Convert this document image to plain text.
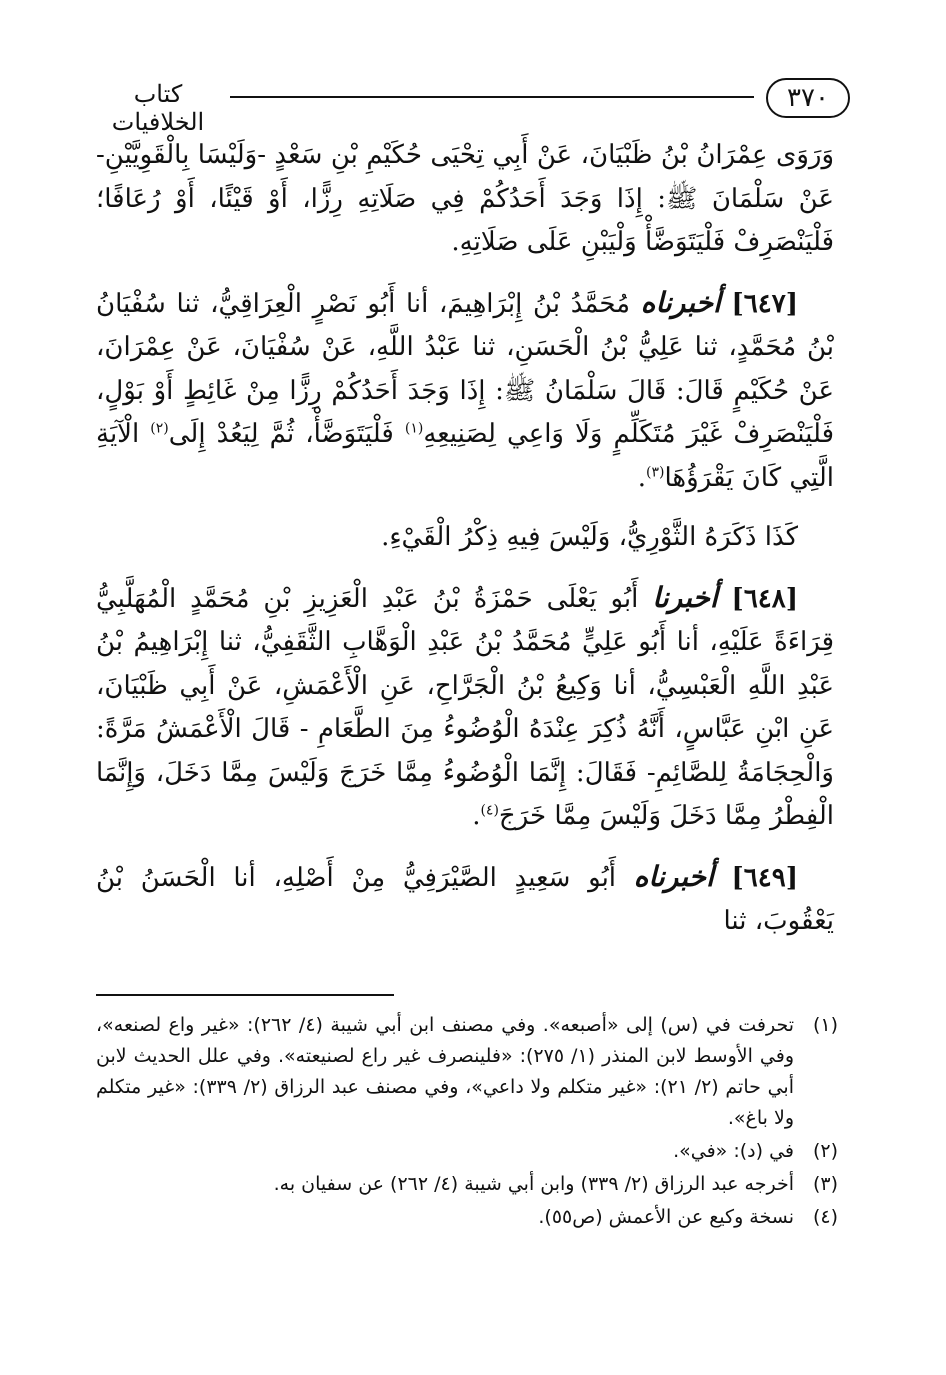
٣٧٠
كتاب الخلافيات

وَرَوَى عِمْرَانُ بْنُ ظَبْيَانَ، عَنْ أَبِي تِحْيَى حُكَيْمِ بْنِ سَعْدٍ -وَلَيْسَا بِالْقَوِيَّيْنِ- عَنْ سَلْمَانَ ﷺ: إِذَا وَجَدَ أَحَدُكُمْ فِي صَلَاتِهِ رِزًّا، أَوْ قَيْئًا، أَوْ رُعَافًا؛ فَلْيَنْصَرِفْ فَلْيَتَوَضَّأْ وَلْيَبْنِ عَلَى صَلَاتِهِ.

[٦٤٧] أخبرناه مُحَمَّدُ بْنُ إِبْرَاهِيمَ، أنا أَبُو نَصْرٍ الْعِرَاقِيُّ، ثنا سُفْيَانُ بْنُ مُحَمَّدٍ، ثنا عَلِيُّ بْنُ الْحَسَنِ، ثنا عَبْدُ اللَّهِ، عَنْ سُفْيَانَ، عَنْ عِمْرَانَ، عَنْ حُكَيْمٍ قَالَ: قَالَ سَلْمَانُ ﷺ: إِذَا وَجَدَ أَحَدُكُمْ رِزًّا مِنْ غَائِطٍ أَوْ بَوْلٍ، فَلْيَنْصَرِفْ غَيْرَ مُتَكَلِّمٍ وَلَا وَاعِي لِصَنِيعِهِ$^{(١)}$ فَلْيَتَوَضَّأْ، ثُمَّ لِيَعُدْ إِلَى$^{(٢)}$ الْآيَةِ الَّتِي كَانَ يَقْرَؤُهَا$^{(٣)}$.

كَذَا ذَكَرَهُ الثَّوْرِيُّ، وَلَيْسَ فِيهِ ذِكْرُ الْقَيْءِ.

[٦٤٨] أخبرنا أَبُو يَعْلَى حَمْزَةُ بْنُ عَبْدِ الْعَزِيزِ بْنِ مُحَمَّدٍ الْمُهَلَّبِيُّ قِرَاءَةً عَلَيْهِ، أنا أَبُو عَلِيٍّ مُحَمَّدُ بْنُ عَبْدِ الْوَهَّابِ الثَّقَفِيُّ، ثنا إِبْرَاهِيمُ بْنُ عَبْدِ اللَّهِ الْعَبْسِيُّ، أنا وَكِيعُ بْنُ الْجَرَّاحِ، عَنِ الْأَعْمَشِ، عَنْ أَبِي ظَبْيَانَ، عَنِ ابْنِ عَبَّاسٍ، أَنَّهُ ذُكِرَ عِنْدَهُ الْوُضُوءُ مِنَ الطَّعَامِ - قَالَ الْأَعْمَشُ مَرَّةً: وَالْحِجَامَةُ لِلصَّائِمِ- فَقَالَ: إِنَّمَا الْوُضُوءُ مِمَّا خَرَجَ وَلَيْسَ مِمَّا دَخَلَ، وَإِنَّمَا الْفِطْرُ مِمَّا دَخَلَ وَلَيْسَ مِمَّا خَرَجَ$^{(٤)}$.

[٦٤٩] أخبرناه أَبُو سَعِيدٍ الصَّيْرَفِيُّ مِنْ أَصْلِهِ، أنا الْحَسَنُ بْنُ يَعْقُوبَ، ثنا

(١)
تحرفت في (س) إلى «أصبعه». وفي مصنف ابن أبي شيبة (٤/ ٢٦٢): «غير واع لصنعه»، وفي الأوسط لابن المنذر (١/ ٢٧٥): «فلينصرف غير راع لصنيعته». وفي علل الحديث لابن أبي حاتم (٢/ ٢١): «غير متكلم ولا داعي»، وفي مصنف عبد الرزاق (٢/ ٣٣٩): «غير متكلم ولا باغ».
(٢)
في (د): «في».
(٣)
أخرجه عبد الرزاق (٢/ ٣٣٩) وابن أبي شيبة (٤/ ٢٦٢) عن سفيان به.
(٤)
نسخة وكيع عن الأعمش (ص٥٥).
